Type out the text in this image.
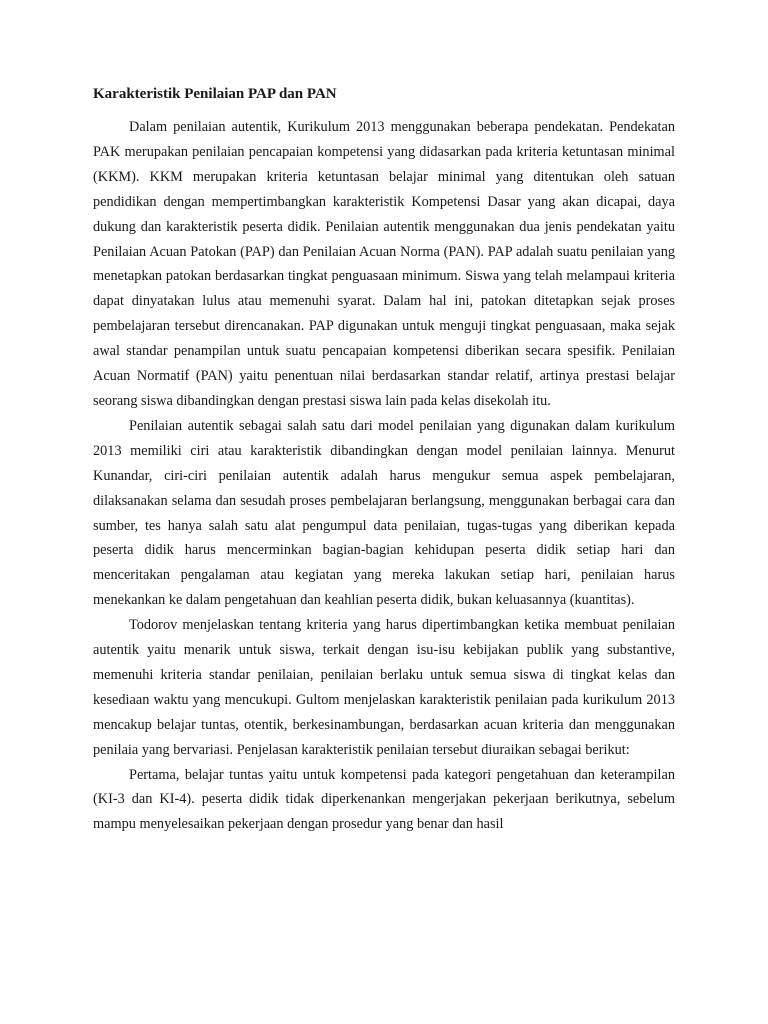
Karakteristik Penilaian PAP dan PAN

Dalam penilaian autentik, Kurikulum 2013 menggunakan beberapa pendekatan. Pendekatan PAK merupakan penilaian pencapaian kompetensi yang didasarkan pada kriteria ketuntasan minimal (KKM). KKM merupakan kriteria ketuntasan belajar minimal yang ditentukan oleh satuan pendidikan dengan mempertimbangkan karakteristik Kompetensi Dasar yang akan dicapai, daya dukung dan karakteristik peserta didik. Penilaian autentik menggunakan dua jenis pendekatan yaitu Penilaian Acuan Patokan (PAP) dan Penilaian Acuan Norma (PAN). PAP adalah suatu penilaian yang menetapkan patokan berdasarkan tingkat penguasaan minimum. Siswa yang telah melampaui kriteria dapat dinyatakan lulus atau memenuhi syarat. Dalam hal ini, patokan ditetapkan sejak proses pembelajaran tersebut direncanakan. PAP digunakan untuk menguji tingkat penguasaan, maka sejak awal standar penampilan untuk suatu pencapaian kompetensi diberikan secara spesifik. Penilaian Acuan Normatif (PAN) yaitu penentuan nilai berdasarkan standar relatif, artinya prestasi belajar seorang siswa dibandingkan dengan prestasi siswa lain pada kelas disekolah itu.

Penilaian autentik sebagai salah satu dari model penilaian yang digunakan dalam kurikulum 2013 memiliki ciri atau karakteristik dibandingkan dengan model penilaian lainnya. Menurut Kunandar, ciri-ciri penilaian autentik adalah harus mengukur semua aspek pembelajaran, dilaksanakan selama dan sesudah proses pembelajaran berlangsung, menggunakan berbagai cara dan sumber, tes hanya salah satu alat pengumpul data penilaian, tugas-tugas yang diberikan kepada peserta didik harus mencerminkan bagian-bagian kehidupan peserta didik setiap hari dan menceritakan pengalaman atau kegiatan yang mereka lakukan setiap hari, penilaian harus menekankan ke dalam pengetahuan dan keahlian peserta didik, bukan keluasannya (kuantitas).

Todorov menjelaskan tentang kriteria yang harus dipertimbangkan ketika membuat penilaian autentik yaitu menarik untuk siswa, terkait dengan isu-isu kebijakan publik yang substantive, memenuhi kriteria standar penilaian, penilaian berlaku untuk semua siswa di tingkat kelas dan kesediaan waktu yang mencukupi. Gultom menjelaskan karakteristik penilaian pada kurikulum 2013 mencakup belajar tuntas, otentik, berkesinambungan, berdasarkan acuan kriteria dan menggunakan penilaia yang bervariasi. Penjelasan karakteristik penilaian tersebut diuraikan sebagai berikut:

Pertama, belajar tuntas yaitu untuk kompetensi pada kategori pengetahuan dan keterampilan (KI-3 dan KI-4). peserta didik tidak diperkenankan mengerjakan pekerjaan berikutnya, sebelum mampu menyelesaikan pekerjaan dengan prosedur yang benar dan hasil
